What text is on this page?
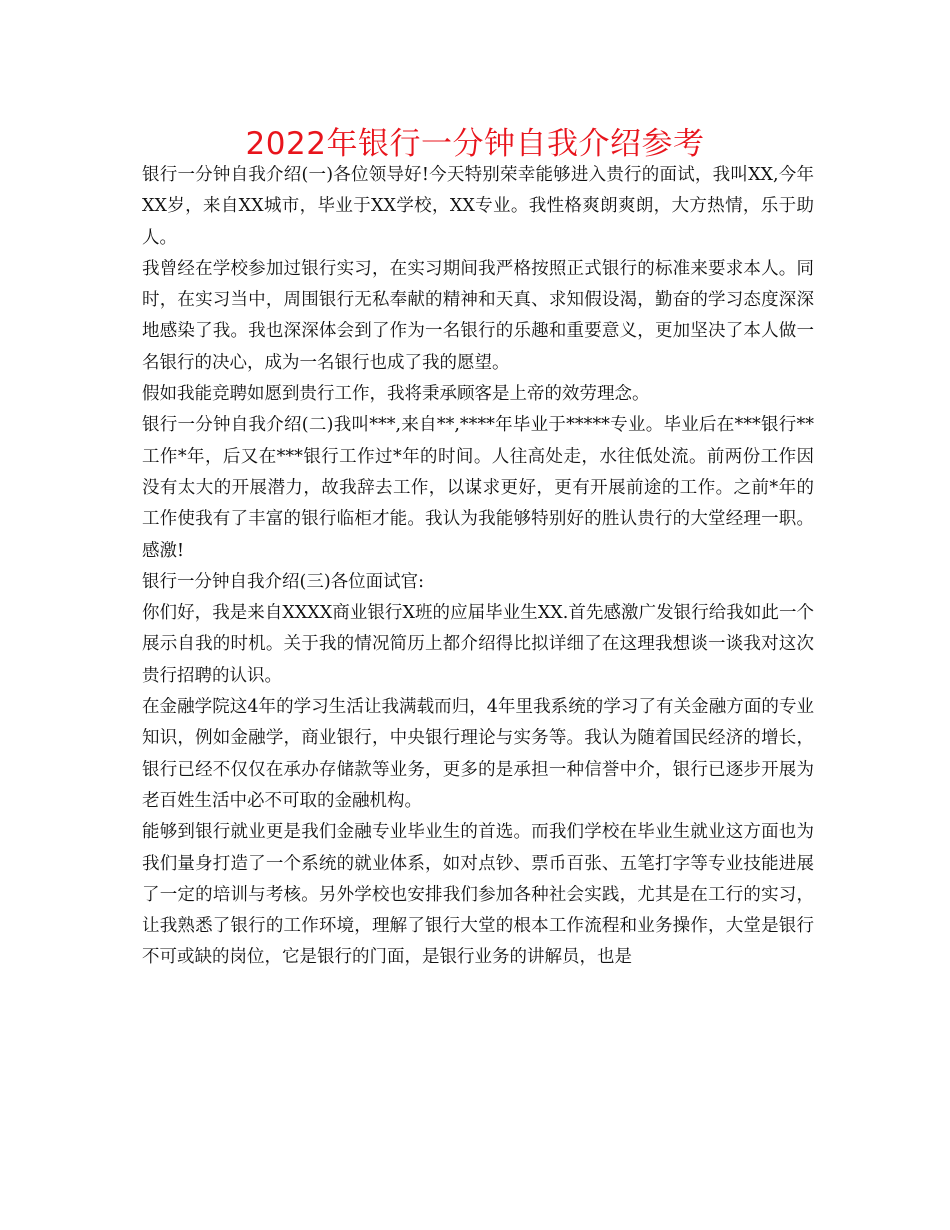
2022年银行一分钟自我介绍参考

银行一分钟自我介绍(一)各位领导好!今天特别荣幸能够进入贵行的面试，我叫XX,今年XX岁，来自XX城市，毕业于XX学校，XX专业。我性格爽朗爽朗，大方热情，乐于助人。

我曾经在学校参加过银行实习，在实习期间我严格按照正式银行的标准来要求本人。同时，在实习当中，周围银行无私奉献的精神和天真、求知假设渴，勤奋的学习态度深深地感染了我。我也深深体会到了作为一名银行的乐趣和重要意义，更加坚决了本人做一名银行的决心，成为一名银行也成了我的愿望。

假如我能竞聘如愿到贵行工作，我将秉承顾客是上帝的效劳理念。

银行一分钟自我介绍(二)我叫***,来自**,****年毕业于*****专业。毕业后在***银行**工作*年，后又在***银行工作过*年的时间。人往高处走，水往低处流。前两份工作因没有太大的开展潜力，故我辞去工作，以谋求更好，更有开展前途的工作。之前*年的工作使我有了丰富的银行临柜才能。我认为我能够特别好的胜认贵行的大堂经理一职。感激!

银行一分钟自我介绍(三)各位面试官:

你们好，我是来自XXXX商业银行X班的应届毕业生XX.首先感激广发银行给我如此一个展示自我的时机。关于我的情况简历上都介绍得比拟详细了在这理我想谈一谈我对这次贵行招聘的认识。

在金融学院这4年的学习生活让我满载而归，4年里我系统的学习了有关金融方面的专业知识，例如金融学，商业银行，中央银行理论与实务等。我认为随着国民经济的增长，银行已经不仅仅在承办存储款等业务，更多的是承担一种信誉中介，银行已逐步开展为老百姓生活中必不可取的金融机构。

能够到银行就业更是我们金融专业毕业生的首选。而我们学校在毕业生就业这方面也为我们量身打造了一个系统的就业体系，如对点钞、票币百张、五笔打字等专业技能进展了一定的培训与考核。另外学校也安排我们参加各种社会实践，尤其是在工行的实习，让我熟悉了银行的工作环境，理解了银行大堂的根本工作流程和业务操作，大堂是银行不可或缺的岗位，它是银行的门面，是银行业务的讲解员，也是
